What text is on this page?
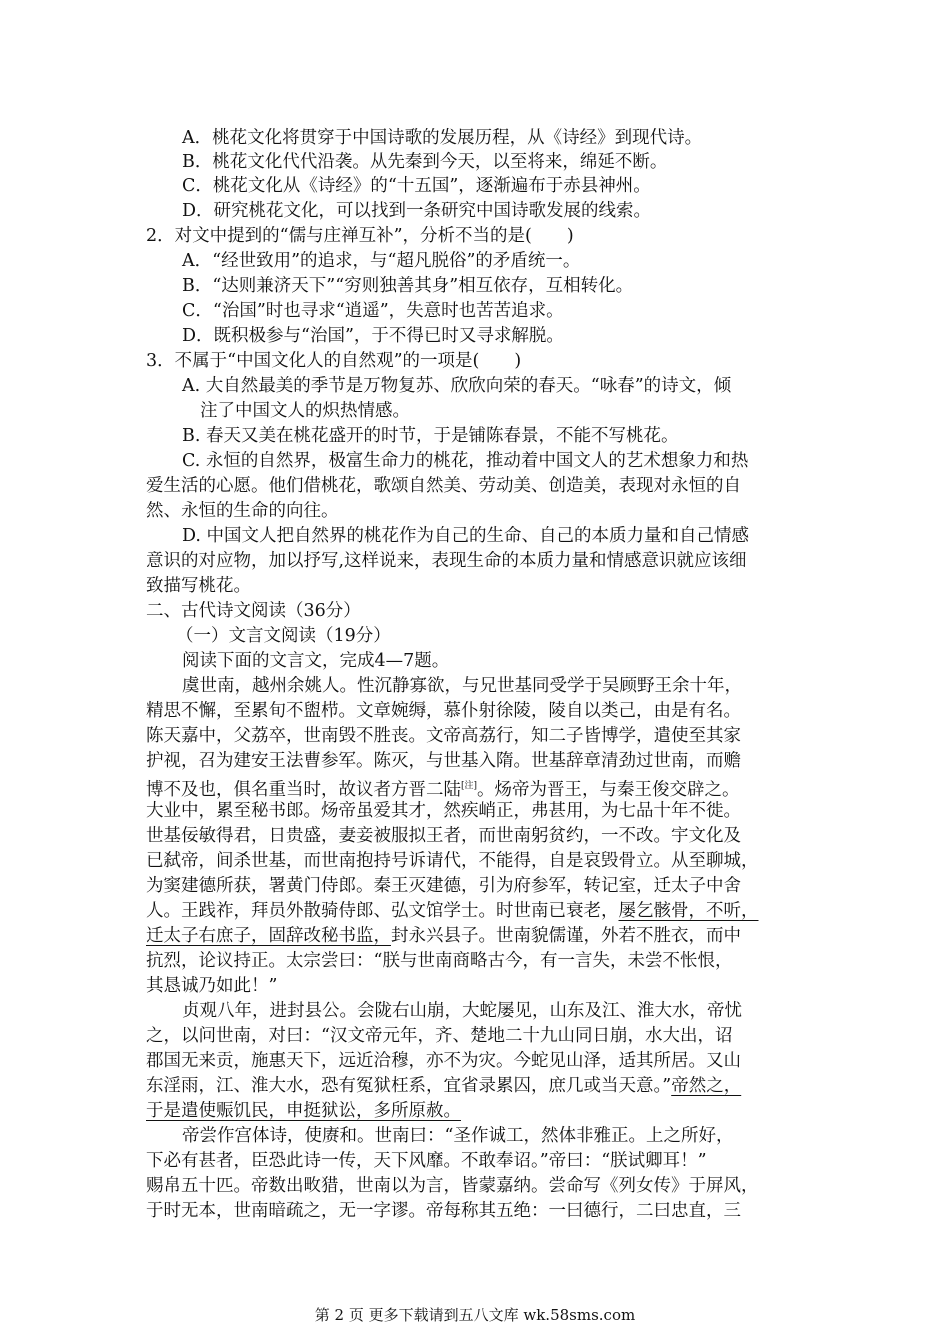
A．桃花文化将贯穿于中国诗歌的发展历程，从《诗经》到现代诗。
B．桃花文化代代沿袭。从先秦到今天，以至将来，绵延不断。
C．桃花文化从《诗经》的“十五国”，逐渐遍布于赤县神州。
D．研究桃花文化，可以找到一条研究中国诗歌发展的线索。
2．对文中提到的“儒与庄禅互补”，分析不当的是(　　)
A．“经世致用”的追求，与“超凡脱俗”的矛盾统一。
B．“达则兼济天下”“穷则独善其身”相互依存，互相转化。
C．“治国”时也寻求“逍遥”，失意时也苦苦追求。
D．既积极参与“治国”，于不得已时又寻求解脱。
3．不属于“中国文化人的自然观”的一项是(　　)
A. 大自然最美的季节是万物复苏、欣欣向荣的春天。“咏春”的诗文，倾
注了中国文人的炽热情感。
B. 春天又美在桃花盛开的时节，于是铺陈春景，不能不写桃花。
C. 永恒的自然界，极富生命力的桃花，推动着中国文人的艺术想象力和热
爱生活的心愿。他们借桃花，歌颂自然美、劳动美、创造美，表现对永恒的自
然、永恒的生命的向往。
D. 中国文人把自然界的桃花作为自己的生命、自己的本质力量和自己情感
意识的对应物，加以抒写,这样说来，表现生命的本质力量和情感意识就应该细
致描写桃花。
二、古代诗文阅读（36分）
（一）文言文阅读（19分）
阅读下面的文言文，完成4—7题。
虞世南，越州余姚人。性沉静寡欲，与兄世基同受学于吴顾野王余十年，
精思不懈，至累旬不盥栉。文章婉缛，慕仆射徐陵，陵自以类己，由是有名。
陈天嘉中，父荔卒，世南毁不胜丧。文帝高荔行，知二子皆博学，遣使至其家
护视，召为建安王法曹参军。陈灭，与世基入隋。世基辞章清劲过世南，而赡
博不及也，俱名重当时，故议者方晋二陆[注]。炀帝为晋王，与秦王俊交辟之。
大业中，累至秘书郎。炀帝虽爱其才，然疾峭正，弗甚用，为七品十年不徙。
世基佞敏得君，日贵盛，妻妾被服拟王者，而世南躬贫约，一不改。宇文化及
已弑帝，间杀世基，而世南抱持号诉请代，不能得，自是哀毁骨立。从至聊城，
为窦建德所获，署黄门侍郎。秦王灭建德，引为府参军，转记室，迁太子中舍
人。王践祚，拜员外散骑侍郎、弘文馆学士。时世南已衰老，屡乞骸骨，不听，
迁太子右庶子，固辞改秘书监，封永兴县子。世南貌儒谨，外若不胜衣，而中
抗烈，论议持正。太宗尝曰：“朕与世南商略古今，有一言失，未尝不怅恨，
其恳诚乃如此！”
贞观八年，进封县公。会陇右山崩，大蛇屡见，山东及江、淮大水，帝忧
之，以问世南，对曰：“汉文帝元年，齐、楚地二十九山同日崩，水大出，诏
郡国无来贡，施惠天下，远近洽穆，亦不为灾。今蛇见山泽，适其所居。又山
东淫雨，江、淮大水，恐有冤狱枉系，宜省录累囚，庶几或当天意。”帝然之，
于是遣使赈饥民，申挺狱讼，多所原赦。
帝尝作宫体诗，使赓和。世南曰：“圣作诚工，然体非雅正。上之所好，
下必有甚者，臣恐此诗一传，天下风靡。不敢奉诏。”帝曰：“朕试卿耳！”
赐帛五十匹。帝数出畋猎，世南以为言，皆蒙嘉纳。尝命写《列女传》于屏风，
于时无本，世南暗疏之，无一字谬。帝每称其五绝：一曰德行，二曰忠直，三
第 2 页 更多下载请到五八文库 wk.58sms.com
